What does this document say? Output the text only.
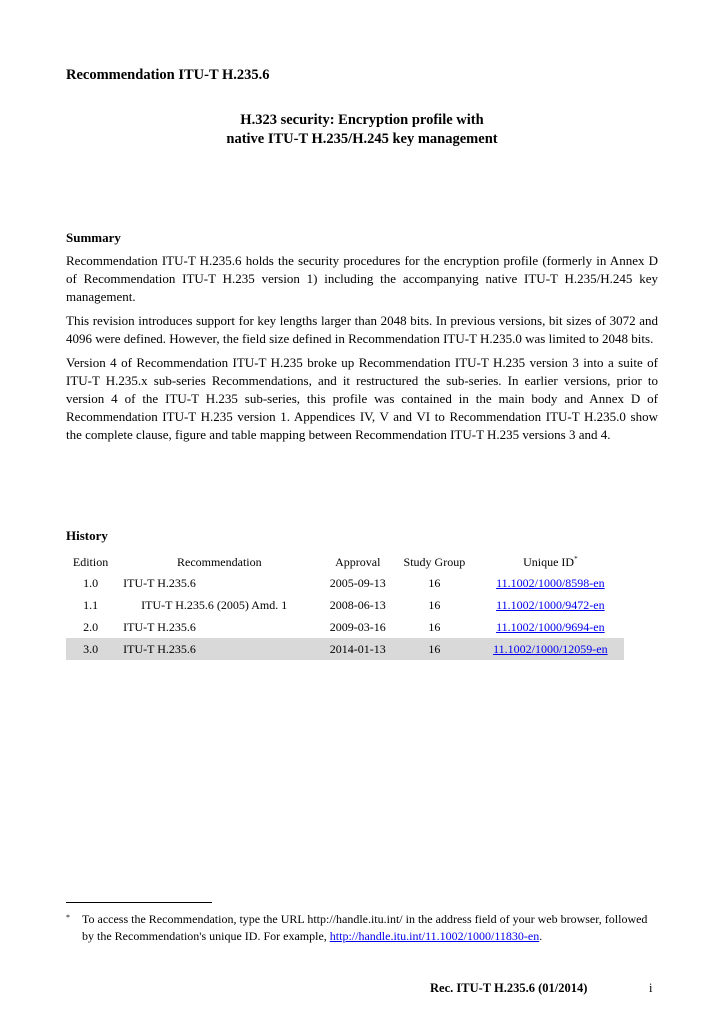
Recommendation ITU-T H.235.6
H.323 security: Encryption profile with
native ITU-T H.235/H.245 key management
Summary

Recommendation ITU-T H.235.6 holds the security procedures for the encryption profile (formerly in Annex D of Recommendation ITU-T H.235 version 1) including the accompanying native ITU-T H.235/H.245 key management.

This revision introduces support for key lengths larger than 2048 bits. In previous versions, bit sizes of 3072 and 4096 were defined. However, the field size defined in Recommendation ITU-T H.235.0 was limited to 2048 bits.

Version 4 of Recommendation ITU-T H.235 broke up Recommendation ITU-T H.235 version 3 into a suite of ITU-T H.235.x sub-series Recommendations, and it restructured the sub-series. In earlier versions, prior to version 4 of the ITU-T H.235 sub-series, this profile was contained in the main body and Annex D of Recommendation ITU-T H.235 version 1. Appendices IV, V and VI to Recommendation ITU-T H.235.0 show the complete clause, figure and table mapping between Recommendation ITU-T H.235 versions 3 and 4.

History
Edition	Recommendation	Approval	Study Group	Unique ID*
1.0	ITU-T H.235.6	2005-09-13	16	11.1002/1000/8598-en
1.1	ITU-T H.235.6 (2005) Amd. 1	2008-06-13	16	11.1002/1000/9472-en
2.0	ITU-T H.235.6	2009-03-16	16	11.1002/1000/9694-en
3.0	ITU-T H.235.6	2014-01-13	16	11.1002/1000/12059-en
*	To access the Recommendation, type the URL http://handle.itu.int/ in the address field of your web browser, followed by the Recommendation's unique ID. For example, http://handle.itu.int/11.1002/1000/11830-en.
Rec. ITU-T H.235.6 (01/2014)	i
